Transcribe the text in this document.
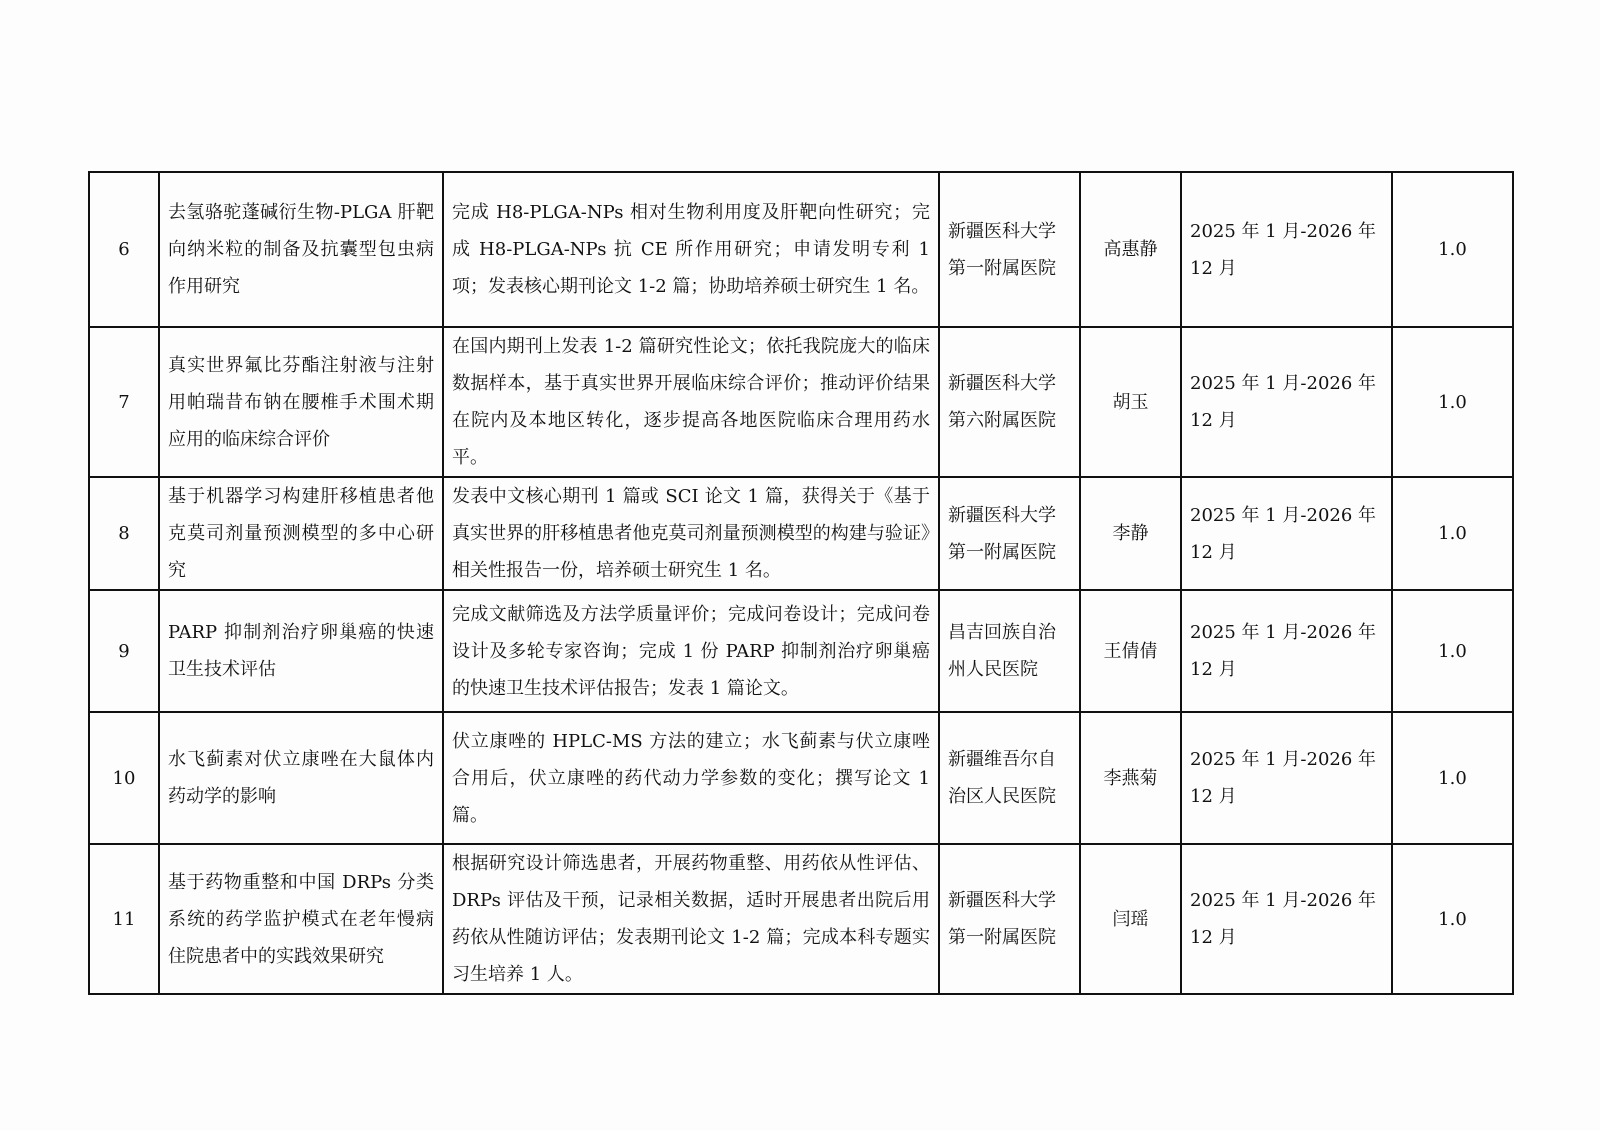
6	去氢骆驼蓬碱衍生物-PLGA 肝靶向纳米粒的制备及抗囊型包虫病作用研究	完成 H8-PLGA-NPs 相对生物利用度及肝靶向性研究；完成 H8-PLGA-NPs 抗 CE 所作用研究；申请发明专利 1 项；发表核心期刊论文 1-2 篇；协助培养硕士研究生 1 名。	新疆医科大学第一附属医院	高惠静	2025 年 1 月-2026 年 12 月	1.0
7	真实世界氟比芬酯注射液与注射用帕瑞昔布钠在腰椎手术围术期应用的临床综合评价	在国内期刊上发表 1-2 篇研究性论文；依托我院庞大的临床数据样本，基于真实世界开展临床综合评价；推动评价结果在院内及本地区转化，逐步提高各地医院临床合理用药水平。	新疆医科大学第六附属医院	胡玉	2025 年 1 月-2026 年 12 月	1.0
8	基于机器学习构建肝移植患者他克莫司剂量预测模型的多中心研究	发表中文核心期刊 1 篇或 SCI 论文 1 篇，获得关于《基于真实世界的肝移植患者他克莫司剂量预测模型的构建与验证》相关性报告一份，培养硕士研究生 1 名。	新疆医科大学第一附属医院	李静	2025 年 1 月-2026 年 12 月	1.0
9	PARP 抑制剂治疗卵巢癌的快速卫生技术评估	完成文献筛选及方法学质量评价；完成问卷设计；完成问卷设计及多轮专家咨询；完成 1 份 PARP 抑制剂治疗卵巢癌的快速卫生技术评估报告；发表 1 篇论文。	昌吉回族自治州人民医院	王倩倩	2025 年 1 月-2026 年 12 月	1.0
10	水飞蓟素对伏立康唑在大鼠体内药动学的影响	伏立康唑的 HPLC-MS 方法的建立；水飞蓟素与伏立康唑合用后，伏立康唑的药代动力学参数的变化；撰写论文 1 篇。	新疆维吾尔自治区人民医院	李燕菊	2025 年 1 月-2026 年 12 月	1.0
11	基于药物重整和中国 DRPs 分类系统的药学监护模式在老年慢病住院患者中的实践效果研究	根据研究设计筛选患者，开展药物重整、用药依从性评估、DRPs 评估及干预，记录相关数据，适时开展患者出院后用药依从性随访评估；发表期刊论文 1-2 篇；完成本科专题实习生培养 1 人。	新疆医科大学第一附属医院	闫瑶	2025 年 1 月-2026 年 12 月	1.0
